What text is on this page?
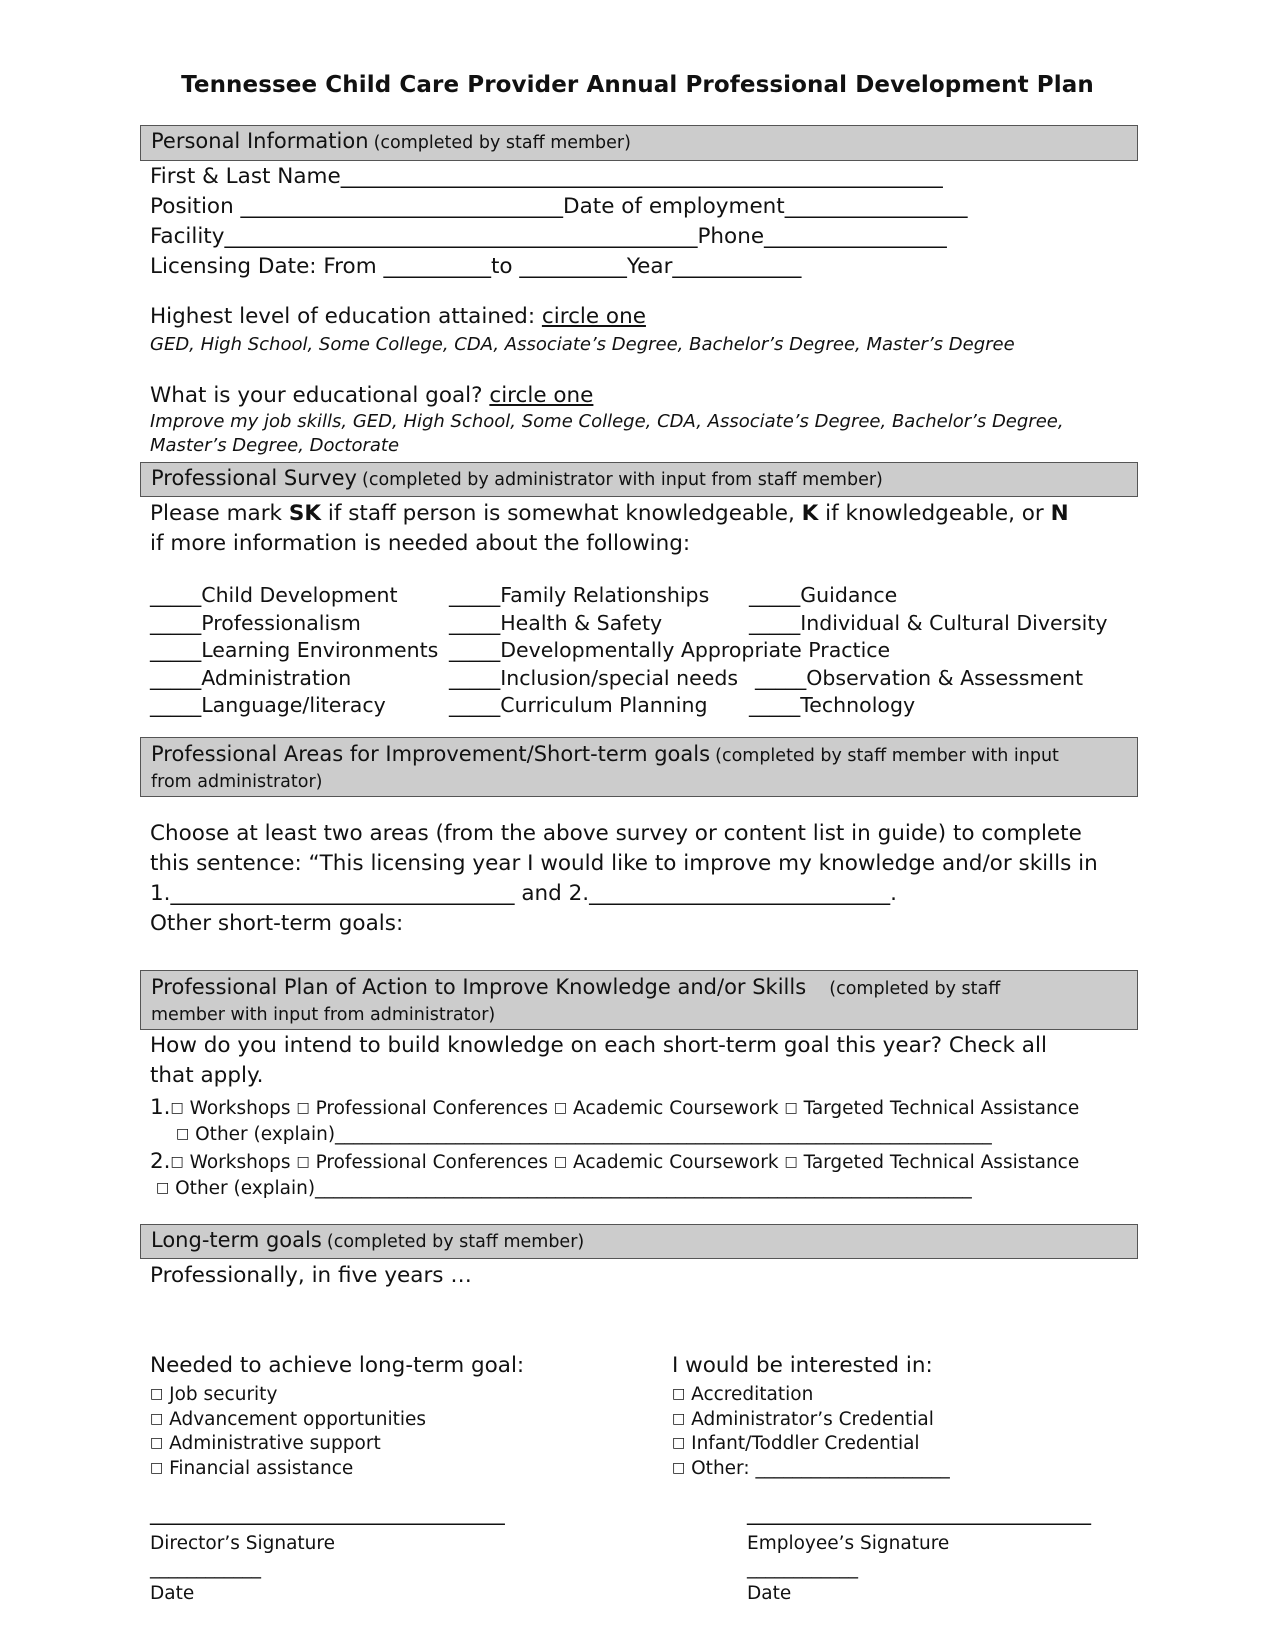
Tennessee Child Care Provider Annual Professional Development Plan
Personal Information (completed by staff member)
First & Last Name________________________________________________________
Position ______________________________Date of employment_________________
Facility____________________________________________Phone_________________
Licensing Date: From __________to __________Year____________
Highest level of education attained: circle one
GED, High School, Some College, CDA, Associate’s Degree, Bachelor’s Degree, Master’s Degree
What is your educational goal? circle one
Improve my job skills, GED, High School, Some College, CDA, Associate’s Degree, Bachelor’s Degree,
Master’s Degree, Doctorate
Professional Survey (completed by administrator with input from staff member)
Please mark SK if staff person is somewhat knowledgeable, K if knowledgeable, or N
if more information is needed about the following:
_____Child Development
_____Professionalism
_____Learning Environments
_____Administration
_____Language/literacy
_____Family Relationships
_____Health & Safety
_____Developmentally Appropriate Practice
_____Inclusion/special needs
_____Curriculum Planning
_____Guidance
_____Individual & Cultural Diversity
_____Observation & Assessment
_____Technology
Professional Areas for Improvement/Short-term goals (completed by staff member with input
from administrator)
Choose at least two areas (from the above survey or content list in guide) to complete
this sentence: “This licensing year I would like to improve my knowledge and/or skills in
1.________________________________ and 2.____________________________.
Other short-term goals:
Professional Plan of Action to Improve Knowledge and/or Skills (completed by staff
member with input from administrator)
How do you intend to build knowledge on each short-term goal this year? Check all
that apply.
1.□ Workshops □ Professional Conferences □ Academic Coursework □ Targeted Technical Assistance
□ Other (explain)_______________________________________________________________________
2.□ Workshops □ Professional Conferences □ Academic Coursework □ Targeted Technical Assistance
□ Other (explain)_______________________________________________________________________
Long-term goals (completed by staff member)
Professionally, in five years …
Needed to achieve long-term goal:
□ Job security
□ Advancement opportunities
□ Administrative support
□ Financial assistance
I would be interested in:
□ Accreditation
□ Administrator’s Credential
□ Infant/Toddler Credential
□ Other: _____________________
_________________________________
Director’s Signature
____________
Date
________________________________
Employee’s Signature
____________
Date
